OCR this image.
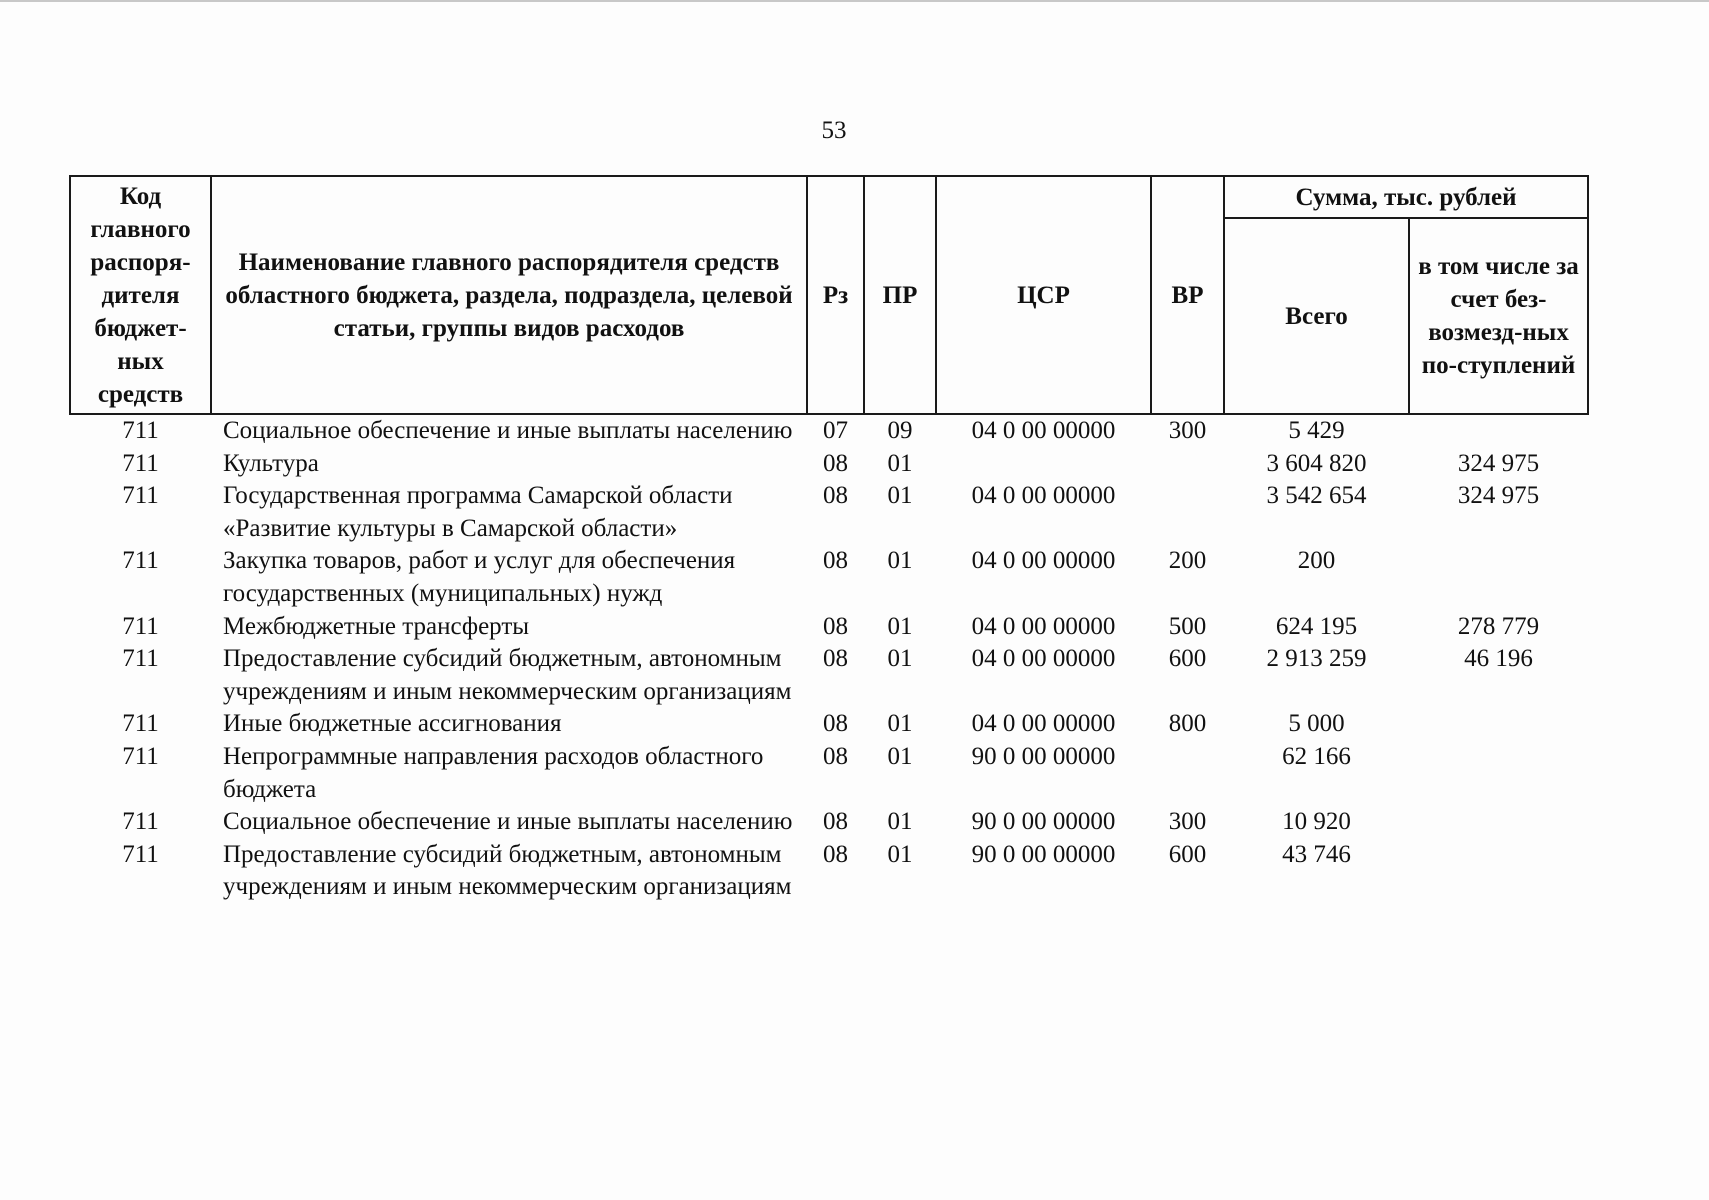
53
Код главного распоря-дителя бюджет-ных средств	Наименование главного распорядителя средств областного бюджета, раздела, подраздела, целевой статьи, группы видов расходов	Рз	ПР	ЦСР	ВР	Сумма, тыс. рублей	
						Всего	в том числе за счет без-возмезд-ных по-ступлений
711	Социальное обеспечение и иные выплаты населению	07	09	04 0 00 00000	300	5 429	
711	Культура	08	01			3 604 820	324 975
711	Государственная программа Самарской области «Развитие культуры в Самарской области»	08	01	04 0 00 00000		3 542 654	324 975
711	Закупка товаров, работ и услуг для обеспечения государственных (муниципальных) нужд	08	01	04 0 00 00000	200	200	
711	Межбюджетные трансферты	08	01	04 0 00 00000	500	624 195	278 779
711	Предоставление субсидий бюджетным, автономным учреждениям и иным некоммерческим организациям	08	01	04 0 00 00000	600	2 913 259	46 196
711	Иные бюджетные ассигнования	08	01	04 0 00 00000	800	5 000	
711	Непрограммные направления расходов областного бюджета	08	01	90 0 00 00000		62 166	
711	Социальное обеспечение и иные выплаты населению	08	01	90 0 00 00000	300	10 920	
711	Предоставление субсидий бюджетным, автономным учреждениям и иным некоммерческим организациям	08	01	90 0 00 00000	600	43 746	
